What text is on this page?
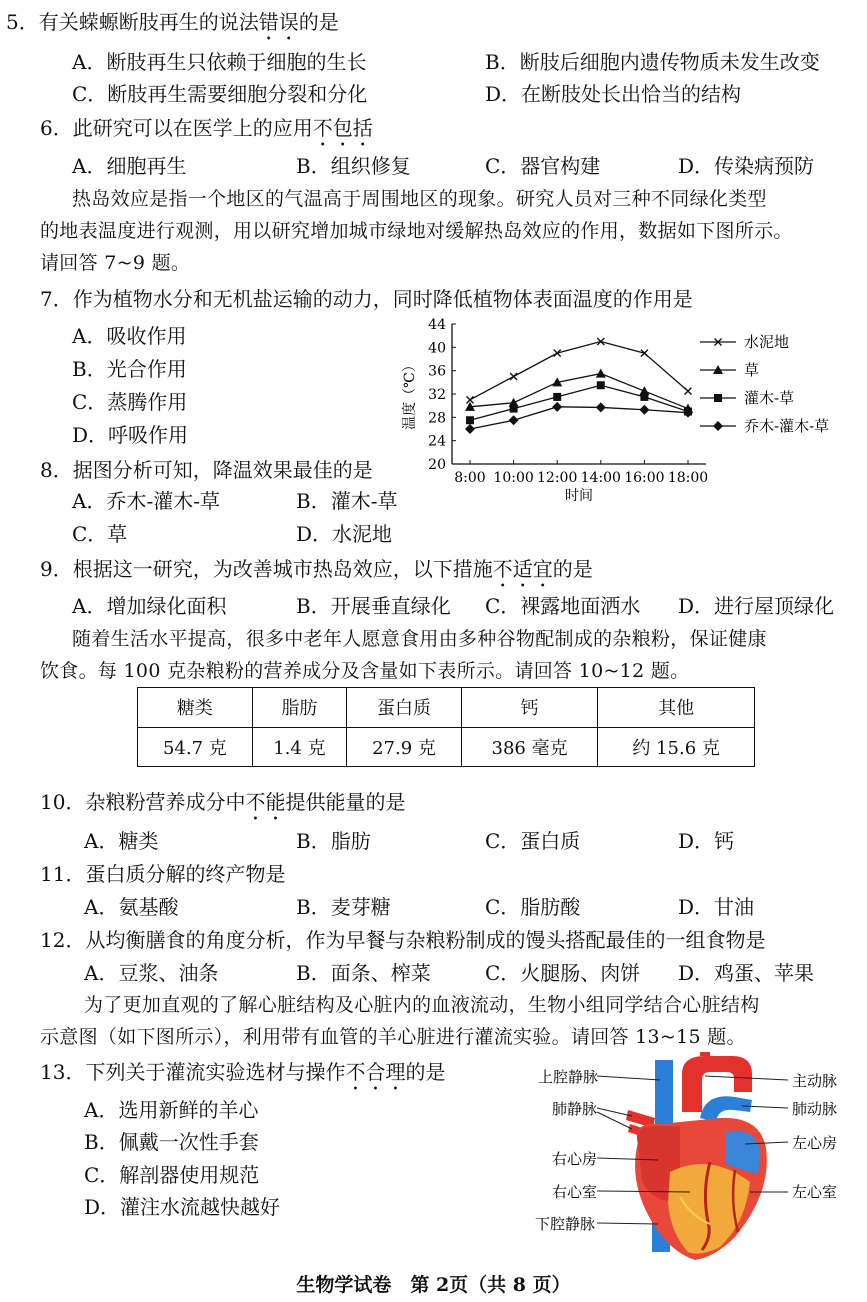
5．有关蝾螈断肢再生的说法错误的是
A．断肢再生只依赖于细胞的生长	B．断肢后细胞内遗传物质未发生改变
C．断肢再生需要细胞分裂和分化	D．在断肢处长出恰当的结构
6．此研究可以在医学上的应用不包括
A．细胞再生	B．组织修复	C．器官构建	D．传染病预防
热岛效应是指一个地区的气温高于周围地区的现象。研究人员对三种不同绿化类型
的地表温度进行观测，用以研究增加城市绿地对缓解热岛效应的作用，数据如下图所示。
请回答 7~9 题。
7．作为植物水分和无机盐运输的动力，同时降低植物体表面温度的作用是
A．吸收作用
B．光合作用
C．蒸腾作用
D．呼吸作用
20
24
28
32
36
40
44
8:00 10:00 12:00 14:00 16:00 18:00
时间
温度（℃）
水泥地
草
灌木-草
乔木-灌木-草
8．据图分析可知，降温效果最佳的是
A．乔木-灌木-草	B．灌木-草
C．草	D．水泥地
9．根据这一研究，为改善城市热岛效应，以下措施不适宜的是
A．增加绿化面积	B．开展垂直绿化 C．裸露地面洒水 D．进行屋顶绿化
随着生活水平提高，很多中老年人愿意食用由多种谷物配制成的杂粮粉，保证健康
饮食。每 100 克杂粮粉的营养成分及含量如下表所示。请回答 10~12 题。
糖类	脂肪	蛋白质	钙	其他
54.7 克	1.4 克	27.9 克	386 毫克	约 15.6 克
10．杂粮粉营养成分中不能提供能量的是
A．糖类	B．脂肪	C．蛋白质	D．钙
11．蛋白质分解的终产物是
A．氨基酸	B．麦芽糖	C．脂肪酸	D．甘油
12．从均衡膳食的角度分析，作为早餐与杂粮粉制成的馒头搭配最佳的一组食物是
A．豆浆、油条	B．面条、榨菜	C．火腿肠、肉饼 D．鸡蛋、苹果
为了更加直观的了解心脏结构及心脏内的血液流动，生物小组同学结合心脏结构
示意图（如下图所示），利用带有血管的羊心脏进行灌流实验。请回答 13~15 题。
13．下列关于灌流实验选材与操作不合理的是
A．选用新鲜的羊心
B．佩戴一次性手套
C．解剖器使用规范
D．灌注水流越快越好
上腔静脉
肺静脉
右心房
右心室
下腔静脉
主动脉
肺动脉
左心房
左心室
生物学试卷　第 2页（共 8 页）
